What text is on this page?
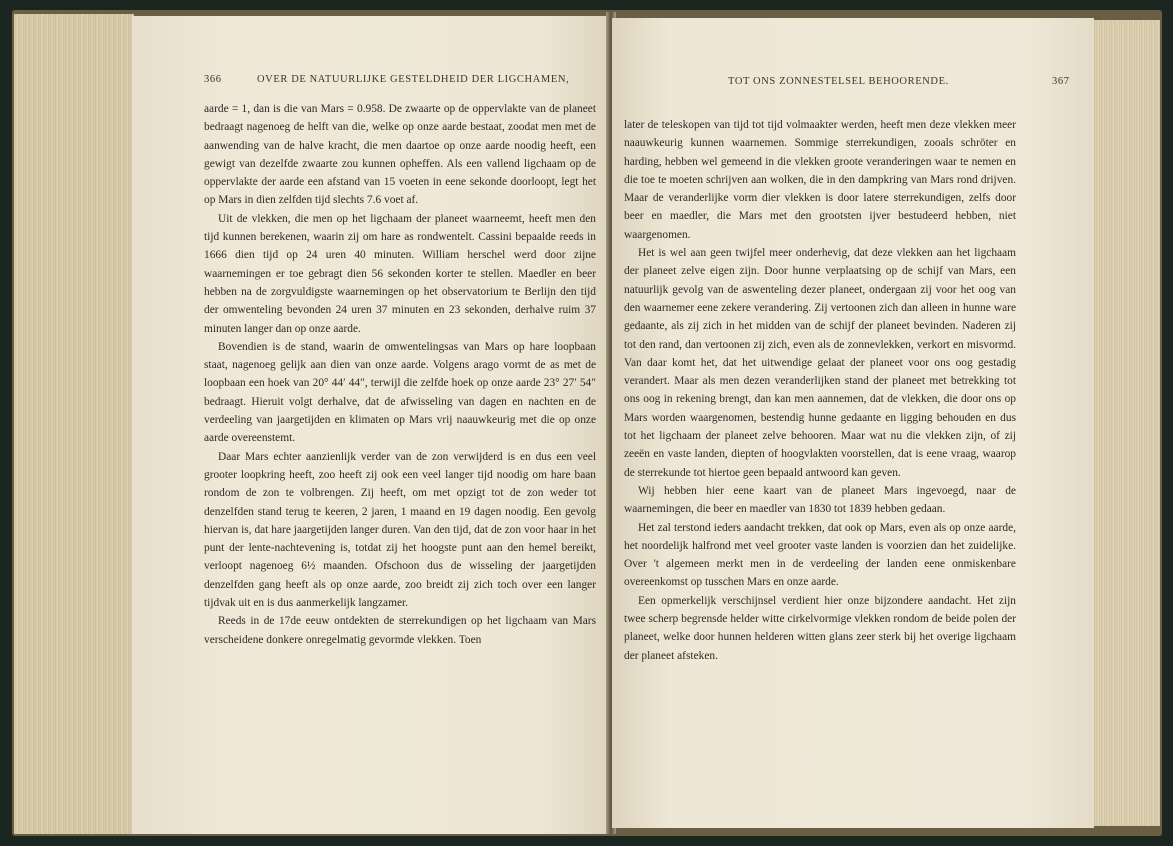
366	OVER DE NATUURLIJKE GESTELDHEID DER LIGCHAMEN,

aarde = 1, dan is die van Mars = 0.958. De zwaarte op de oppervlakte van de planeet bedraagt nagenoeg de helft van die, welke op onze aarde bestaat, zoodat men met de aanwending van de halve kracht, die men daartoe op onze aarde noodig heeft, een gewigt van dezelfde zwaarte zou kunnen opheffen. Als een vallend ligchaam op de oppervlakte der aarde een afstand van 15 voeten in eene sekonde doorloopt, legt het op Mars in dien zelfden tijd slechts 7.6 voet af.

Uit de vlekken, die men op het ligchaam der planeet waarneemt, heeft men den tijd kunnen berekenen, waarin zij om hare as rondwentelt. Cassini bepaalde reeds in 1666 dien tijd op 24 uren 40 minuten. William herschel werd door zijne waarnemingen er toe gebragt dien 56 sekonden korter te stellen. Maedler en beer hebben na de zorgvuldigste waarnemingen op het observatorium te Berlijn den tijd der omwenteling bevonden 24 uren 37 minuten en 23 sekonden, derhalve ruim 37 minuten langer dan op onze aarde.

Bovendien is de stand, waarin de omwentelingsas van Mars op hare loopbaan staat, nagenoeg gelijk aan dien van onze aarde. Volgens arago vormt de as met de loopbaan een hoek van 20° 44′ 44″, terwijl die zelfde hoek op onze aarde 23° 27′ 54″ bedraagt. Hieruit volgt derhalve, dat de afwisseling van dagen en nachten en de verdeeling van jaargetijden en klimaten op Mars vrij naauwkeurig met die op onze aarde overeenstemt.

Daar Mars echter aanzienlijk verder van de zon verwijderd is en dus een veel grooter loopkring heeft, zoo heeft zij ook een veel langer tijd noodig om hare baan rondom de zon te volbrengen. Zij heeft, om met opzigt tot de zon weder tot denzelfden stand terug te keeren, 2 jaren, 1 maand en 19 dagen noodig. Een gevolg hiervan is, dat hare jaargetijden langer duren. Van den tijd, dat de zon voor haar in het punt der lente-nachtevening is, totdat zij het hoogste punt aan den hemel bereikt, verloopt nagenoeg 6½ maanden. Ofschoon dus de wisseling der jaargetijden denzelfden gang heeft als op onze aarde, zoo breidt zij zich toch over een langer tijdvak uit en is dus aanmerkelijk langzamer.

Reeds in de 17de eeuw ontdekten de sterrekundigen op het ligchaam van Mars verscheidene donkere onregelmatig gevormde vlekken. Toen

TOT ONS ZONNESTELSEL BEHOORENDE.	367

later de teleskopen van tijd tot tijd volmaakter werden, heeft men deze vlekken meer naauwkeurig kunnen waarnemen. Sommige sterrekundigen, zooals schröter en harding, hebben wel gemeend in die vlekken groote veranderingen waar te nemen en die toe te moeten schrijven aan wolken, die in den dampkring van Mars rond drijven. Maar de veranderlijke vorm dier vlekken is door latere sterrekundigen, zelfs door beer en maedler, die Mars met den grootsten ijver bestudeerd hebben, niet waargenomen.

Het is wel aan geen twijfel meer onderhevig, dat deze vlekken aan het ligchaam der planeet zelve eigen zijn. Door hunne verplaatsing op de schijf van Mars, een natuurlijk gevolg van de aswenteling dezer planeet, ondergaan zij voor het oog van den waarnemer eene zekere verandering. Zij vertoonen zich dan alleen in hunne ware gedaante, als zij zich in het midden van de schijf der planeet bevinden. Naderen zij tot den rand, dan vertoonen zij zich, even als de zonnevlekken, verkort en misvormd. Van daar komt het, dat het uitwendige gelaat der planeet voor ons oog gestadig verandert. Maar als men dezen veranderlijken stand der planeet met betrekking tot ons oog in rekening brengt, dan kan men aannemen, dat de vlekken, die door ons op Mars worden waargenomen, bestendig hunne gedaante en ligging behouden en dus tot het ligchaam der planeet zelve behooren. Maar wat nu die vlekken zijn, of zij zeeën en vaste landen, diepten of hoogvlakten voorstellen, dat is eene vraag, waarop de sterrekunde tot hiertoe geen bepaald antwoord kan geven.

Wij hebben hier eene kaart van de planeet Mars ingevoegd, naar de waarnemingen, die beer en maedler van 1830 tot 1839 hebben gedaan.

Het zal terstond ieders aandacht trekken, dat ook op Mars, even als op onze aarde, het noordelijk halfrond met veel grooter vaste landen is voorzien dan het zuidelijke. Over 't algemeen merkt men in de verdeeling der landen eene onmiskenbare overeenkomst op tusschen Mars en onze aarde.

Een opmerkelijk verschijnsel verdient hier onze bijzondere aandacht. Het zijn twee scherp begrensde helder witte cirkelvormige vlekken rondom de beide polen der planeet, welke door hunnen helderen witten glans zeer sterk bij het overige ligchaam der planeet afsteken.
